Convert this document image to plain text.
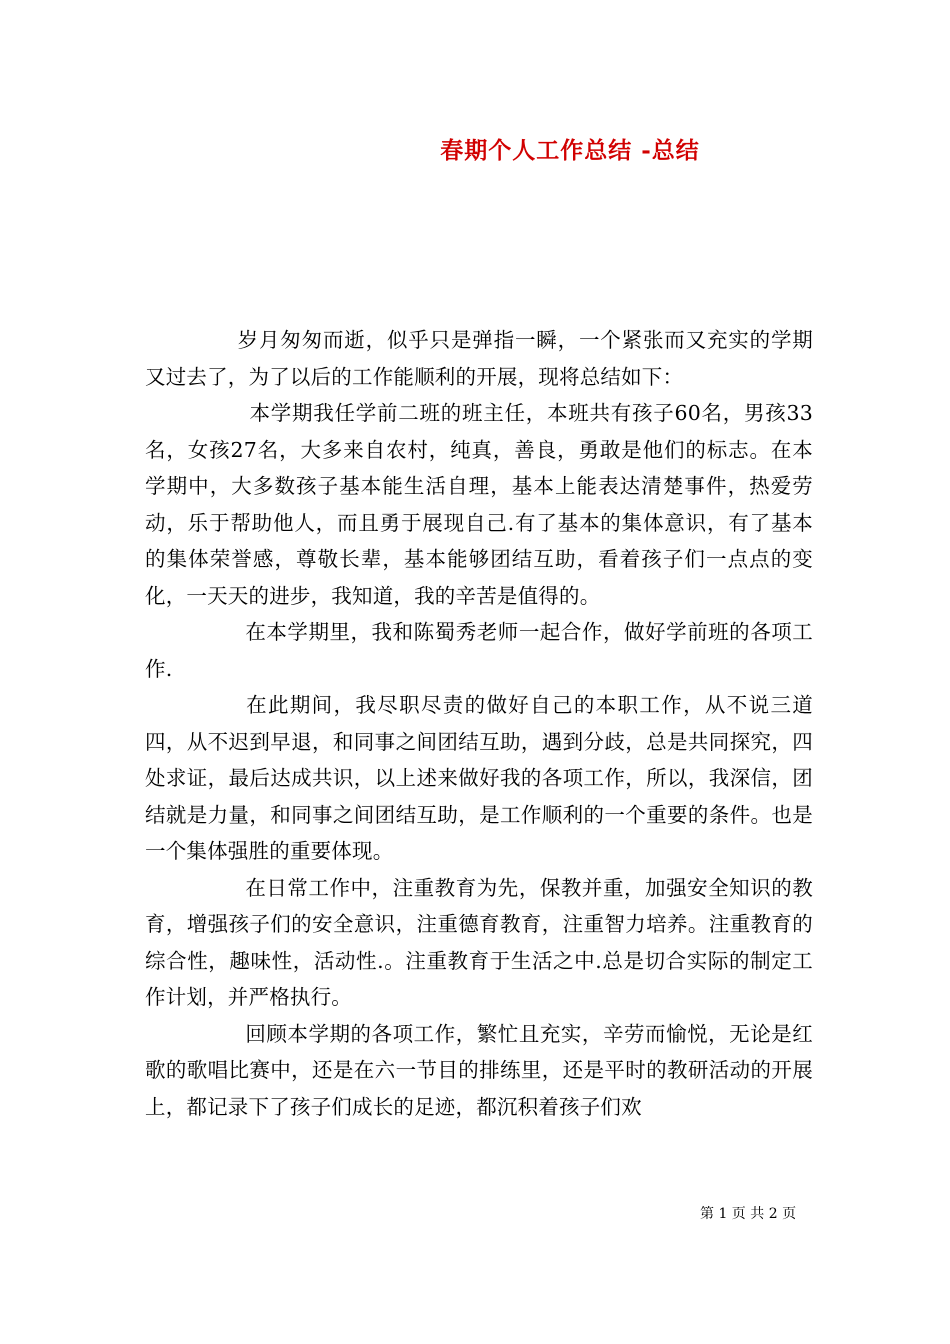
春期个人工作总结 -总结

岁月匆匆而逝，似乎只是弹指一瞬，一个紧张而又充实的学期又过去了，为了以后的工作能顺利的开展，现将总结如下：

本学期我任学前二班的班主任，本班共有孩子60名，男孩33名，女孩27名，大多来自农村，纯真，善良，勇敢是他们的标志。在本学期中，大多数孩子基本能生活自理，基本上能表达清楚事件，热爱劳动，乐于帮助他人，而且勇于展现自己.有了基本的集体意识，有了基本的集体荣誉感，尊敬长辈，基本能够团结互助，看着孩子们一点点的变化，一天天的进步，我知道，我的辛苦是值得的。

在本学期里，我和陈蜀秀老师一起合作，做好学前班的各项工作.

在此期间，我尽职尽责的做好自己的本职工作，从不说三道四，从不迟到早退，和同事之间团结互助，遇到分歧，总是共同探究，四处求证，最后达成共识，以上述来做好我的各项工作，所以，我深信，团结就是力量，和同事之间团结互助，是工作顺利的一个重要的条件。也是一个集体强胜的重要体现。

在日常工作中，注重教育为先，保教并重，加强安全知识的教育，增强孩子们的安全意识，注重德育教育，注重智力培养。注重教育的综合性，趣味性，活动性.。注重教育于生活之中.总是切合实际的制定工作计划，并严格执行。

回顾本学期的各项工作，繁忙且充实，辛劳而愉悦，无论是红歌的歌唱比赛中，还是在六一节目的排练里，还是平时的教研活动的开展上，都记录下了孩子们成长的足迹，都沉积着孩子们欢

第 1 页 共 2 页
